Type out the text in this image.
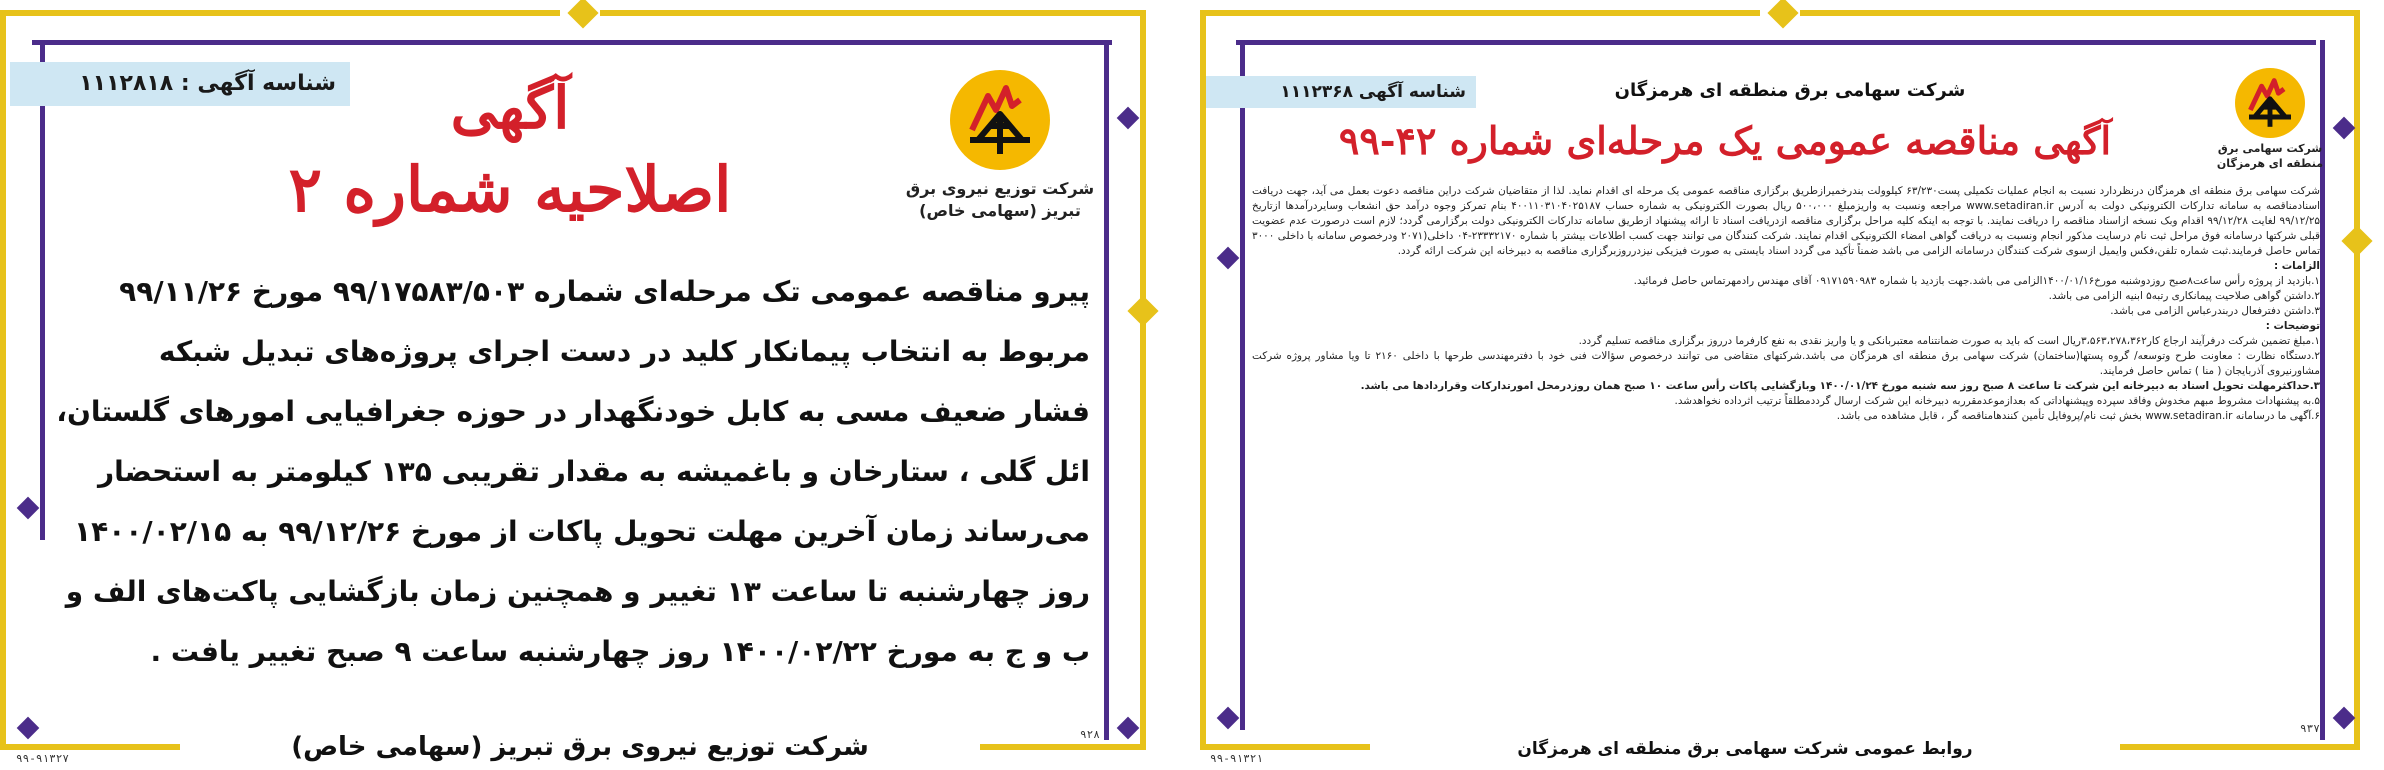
شناسه آگهی : ۱۱۱۲۸۱۸
شرکت توزیع نیروی برق
تبریز (سهامی خاص)
آگهی
اصلاحیه شماره ۲

پیرو مناقصه عمومی تک مرحله‌ای شماره ۹۹/۱۷۵۸۳/۵۰۳ مورخ ۹۹/۱۱/۲۶

مربوط به انتخاب پیمانکار کلید در دست اجرای پروژه‌های تبدیل شبکه

فشار ضعیف مسی به کابل خودنگهدار در حوزه جغرافیایی امورهای گلستان،

ائل گلی ، ستارخان و باغمیشه به مقدار تقریبی ۱۳۵ کیلومتر به استحضار

می‌رساند زمان آخرین مهلت تحویل پاکات از مورخ ۹۹/۱۲/۲۶ به ۱۴۰۰/۰۲/۱۵

روز چهارشنبه تا ساعت ۱۳ تغییر و همچنین زمان بازگشایی پاکت‌های الف و

ب و ج به مورخ ۱۴۰۰/۰۲/۲۲ روز چهارشنبه ساعت ۹ صبح تغییر یافت .

شرکت توزیع نیروی برق تبریز (سهامی خاص)
۹۹-۹۱۳۲۷
۹۲۸
شناسه آگهی ۱۱۱۲۳۶۸	شرکت سهامی برق منطقه ای هرمزگان
شرکت سهامی برق
منطقه ای هرمزگان
آگهی مناقصه عمومی یک مرحله‌ای شماره ۴۲-۹۹

شرکت سهامی برق منطقه ای هرمزگان درنظردارد نسبت به انجام عملیات تکمیلی پست۶۳/۲۳۰ کیلوولت بندرخمیرازطریق برگزاری مناقصه عمومی یک مرحله ای اقدام نماید. لذا از متقاضیان شرکت دراین مناقصه دعوت بعمل می آید، جهت دریافت اسنادمناقصه به سامانه تدارکات الکترونیکی دولت به آدرس www.setadiran.ir مراجعه ونسبت به واریزمبلغ ۵۰۰،۰۰۰ ریال بصورت الکترونیکی به شماره حساب ۴۰۰۱۱۰۳۱۰۴۰۲۵۱۸۷ بنام تمرکز وجوه درآمد حق انشعاب وسایردرآمدها ازتاریخ ۹۹/۱۲/۲۵ لغایت ۹۹/۱۲/۲۸ اقدام وبک نسخه ازاسناد مناقصه را دریافت نمایند. با توجه به اینکه کلیه مراحل برگزاری مناقصه ازدریافت اسناد تا ارائه پیشنهاد ازطریق سامانه تدارکات الکترونیکی دولت برگزارمی گردد؛ لازم است درصورت عدم عضویت قبلی شرکتها درسامانه فوق مراحل ثبت نام درسایت مذکور انجام ونسبت به دریافت گواهی امضاء الکترونیکی اقدام نمایند. شرکت کنندگان می توانند جهت کسب اطلاعات بیشتر با شماره ۲۳۳۳۲۱۷۰-۰۴ داخلی(۲۰۷۱ ودرخصوص سامانه با داخلی ۳۰۰۰ تماس حاصل فرمایند.ثبت شماره تلفن،فکس وایمیل ازسوی شرکت کنندگان درسامانه الزامی می باشد ضمناً تأکید می گردد اسناد بایستی به صورت فیزیکی نیزدرروزبرگزاری مناقصه به دبیرخانه این شرکت ارائه گردد.

الزامات :

۱.بازدید از پروژه رأس ساعت۸صبح روزدوشنبه مورخ۱۴۰۰/۰۱/۱۶الزامی می باشد.جهت بازدید با شماره ۰۹۱۷۱۵۹۰۹۸۳ آقای مهندس رادمهرتماس حاصل فرمائید.

۲.داشتن گواهی صلاحیت پیمانکاری رتبه۵ ابنیه الزامی می باشد.

۳.داشتن دفترفعال دربندرعباس الزامی می باشد.

توضیحات :

۱.مبلغ تضمین شرکت درفرآیند ارجاع کار۳،۵۶۳،۲۷۸،۳۶۲ریال است که باید به صورت ضمانتنامه معتبربانکی و یا واریز نقدی به نفع کارفرما درروز برگزاری مناقصه تسلیم گردد.

۲.دستگاه نظارت : معاونت طرح وتوسعه/ گروه پستها(ساختمان) شرکت سهامی برق منطقه ای هرمزگان می باشد.شرکتهای متقاضی می توانند درخصوص سؤالات فنی خود با دفترمهندسی طرحها با داخلی ۲۱۶۰ تا ویا مشاور پروژه شرکت مشاورنیروی آذربایجان ( منا ) تماس حاصل فرمایند.

۳.حداکثرمهلت تحویل اسناد به دبیرخانه این شرکت تا ساعت ۸ صبح روز سه شنبه مورخ ۱۴۰۰/۰۱/۲۴ وبازگشایی پاکات رأس ساعت ۱۰ صبح همان روزدرمحل امورتدارکات وقراردادها می باشد.

۵.به پیشنهادات مشروط مبهم مخدوش وفاقد سپرده وپیشنهاداتی که بعدازموعدمقرربه دبیرخانه این شرکت ارسال گرددمطلقاً ترتیب اثرداده نخواهدشد.

۶.آگهی ما درسامانه www.setadiran.ir بخش ثبت نام/پروفایل تأمین کنندهامناقصه گر ، قابل مشاهده می باشد.

روابط عمومی شرکت سهامی برق منطقه ای هرمزگان
۹۹-۹۱۳۲۱
۹۳۷
